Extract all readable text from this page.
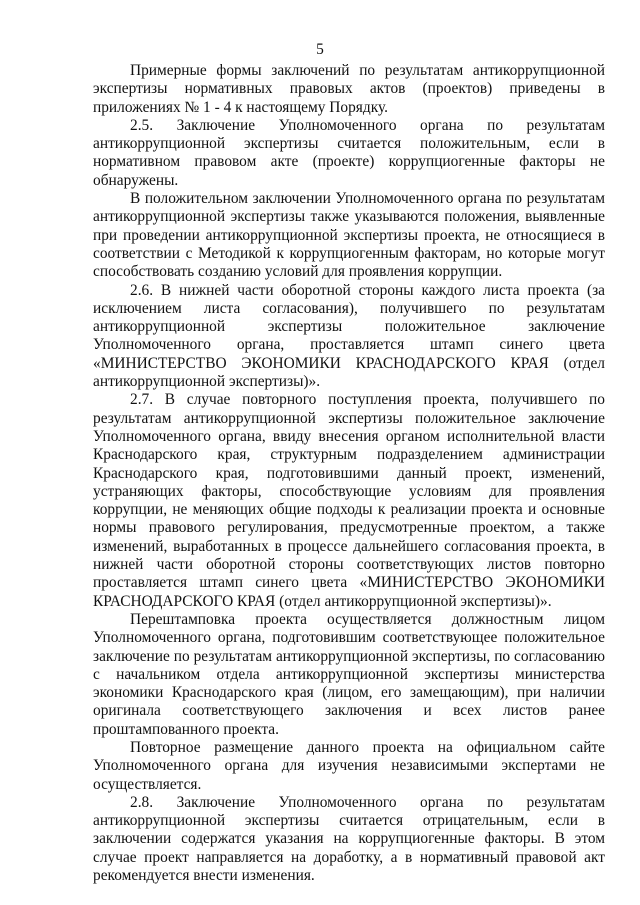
5

Примерные формы заключений по результатам антикоррупционной экспертизы нормативных правовых актов (проектов) приведены в приложениях № 1 - 4 к настоящему Порядку.

2.5. Заключение Уполномоченного органа по результатам антикоррупционной экспертизы считается положительным, если в нормативном правовом акте (проекте) коррупциогенные факторы не обнаружены.

В положительном заключении Уполномоченного органа по результатам антикоррупционной экспертизы также указываются положения, выявленные при проведении антикоррупционной экспертизы проекта, не относящиеся в соответствии с Методикой к коррупциогенным факторам, но которые могут способствовать созданию условий для проявления коррупции.

2.6. В нижней части оборотной стороны каждого листа проекта (за исключением листа согласования), получившего по результатам антикоррупционной экспертизы положительное заключение Уполномоченного органа, проставляется штамп синего цвета «МИНИСТЕРСТВО ЭКОНОМИКИ КРАСНОДАРСКОГО КРАЯ (отдел антикоррупционной экспертизы)».

2.7. В случае повторного поступления проекта, получившего по результатам антикоррупционной экспертизы положительное заключение Уполномоченного органа, ввиду внесения органом исполнительной власти Краснодарского края, структурным подразделением администрации Краснодарского края, подготовившими данный проект, изменений, устраняющих факторы, способствующие условиям для проявления коррупции, не меняющих общие подходы к реализации проекта и основные нормы правового регулирования, предусмотренные проектом, а также изменений, выработанных в процессе дальнейшего согласования проекта, в нижней части оборотной стороны соответствующих листов повторно проставляется штамп синего цвета «МИНИСТЕРСТВО ЭКОНОМИКИ КРАСНОДАРСКОГО КРАЯ (отдел антикоррупционной экспертизы)».

Перештамповка проекта осуществляется должностным лицом Уполномоченного органа, подготовившим соответствующее положительное заключение по результатам антикоррупционной экспертизы, по согласованию с начальником отдела антикоррупционной экспертизы министерства экономики Краснодарского края (лицом, его замещающим), при наличии оригинала соответствующего заключения и всех листов ранее проштампованного проекта.

Повторное размещение данного проекта на официальном сайте Уполномоченного органа для изучения независимыми экспертами не осуществляется.

2.8. Заключение Уполномоченного органа по результатам антикоррупционной экспертизы считается отрицательным, если в заключении содержатся указания на коррупциогенные факторы. В этом случае проект направляется на доработку, а в нормативный правовой акт рекомендуется внести изменения.
